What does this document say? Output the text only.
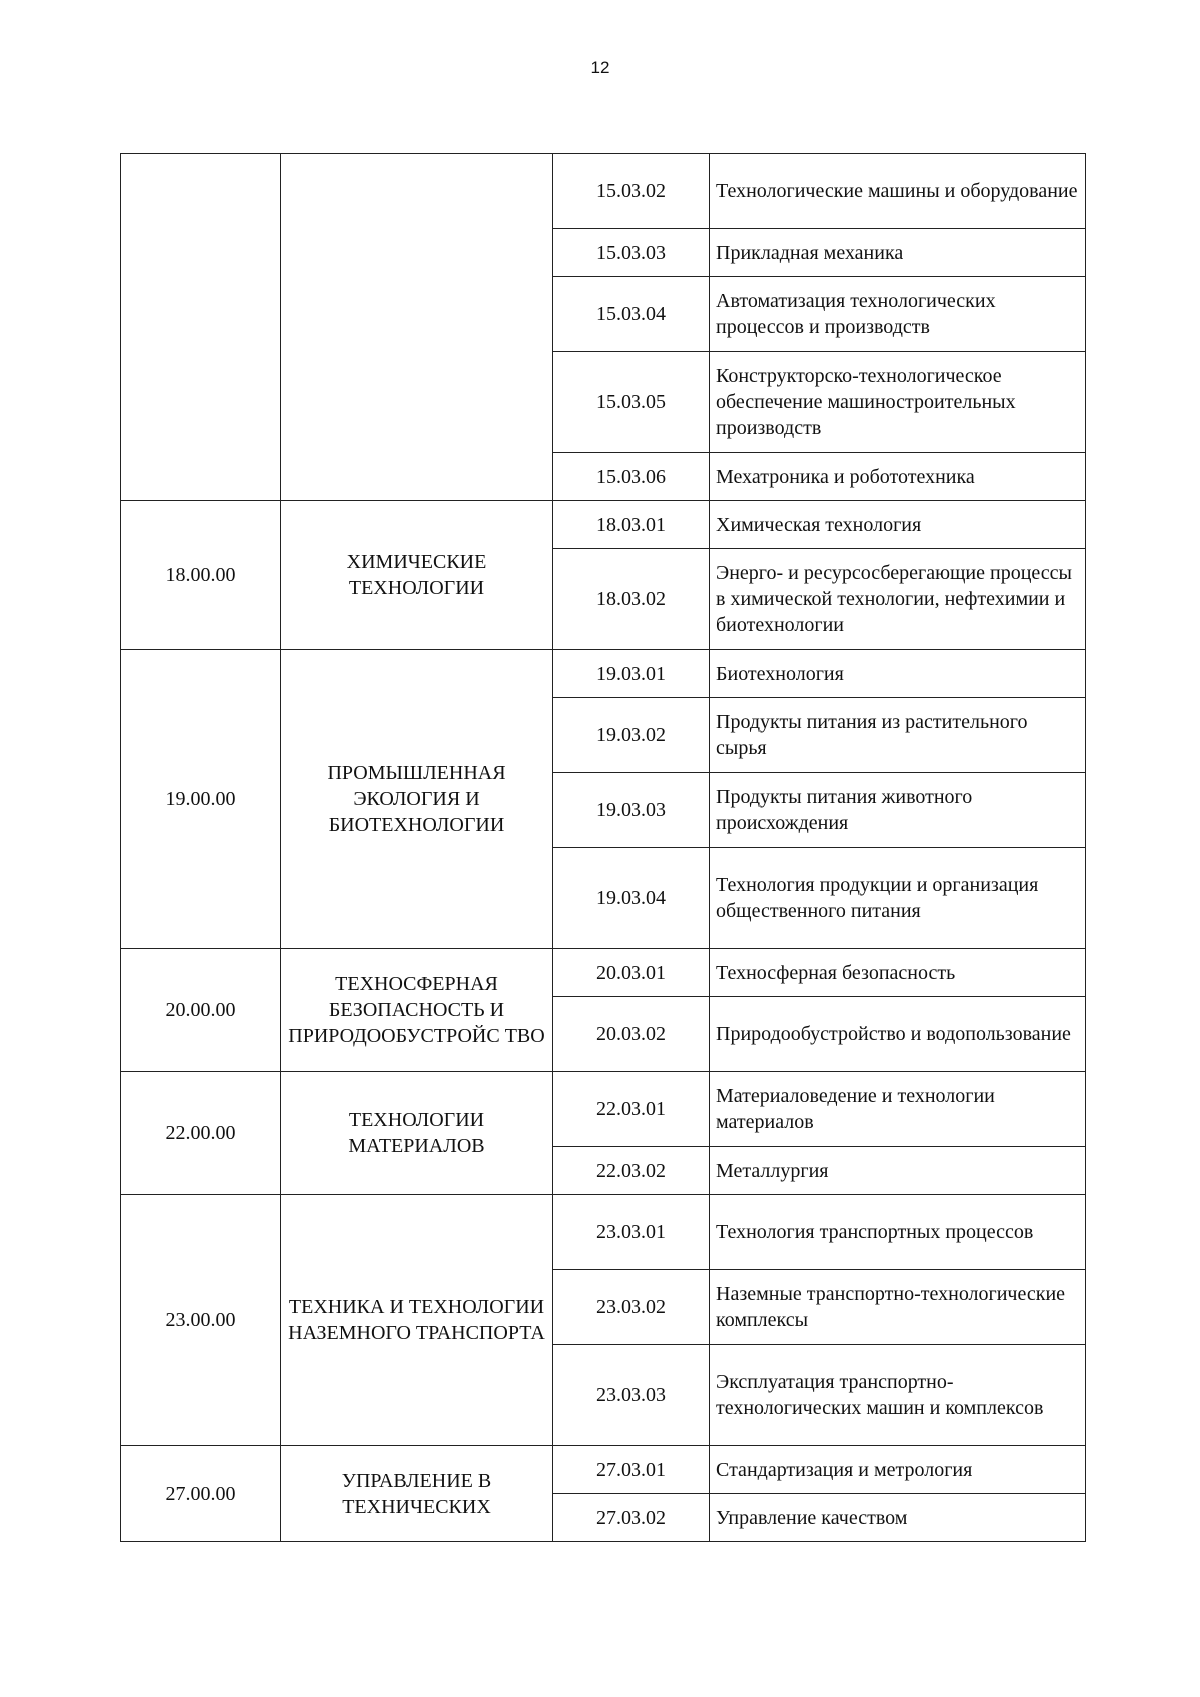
12
		15.03.02	Технологические машины и оборудование
		15.03.03	Прикладная механика
		15.03.04	Автоматизация технологических процессов и производств
		15.03.05	Конструкторско-технологическое обеспечение машиностроительных производств
		15.03.06	Мехатроника и робототехника
18.00.00	ХИМИЧЕСКИЕ ТЕХНОЛОГИИ	18.03.01	Химическая технология
		18.03.02	Энерго- и ресурсосберегающие процессы в химической технологии, нефтехимии и биотехнологии
19.00.00	ПРОМЫШЛЕННАЯ ЭКОЛОГИЯ И БИОТЕХНОЛОГИИ	19.03.01	Биотехнология
		19.03.02	Продукты питания из растительного сырья
		19.03.03	Продукты питания животного происхождения
		19.03.04	Технология продукции и организация общественного питания
20.00.00	ТЕХНОСФЕРНАЯ БЕЗОПАСНОСТЬ И ПРИРОДООБУСТРОЙС ТВО	20.03.01	Техносферная безопасность
		20.03.02	Природообустройство и водопользование
22.00.00	ТЕХНОЛОГИИ МАТЕРИАЛОВ	22.03.01	Материаловедение и технологии материалов
		22.03.02	Металлургия
23.00.00	ТЕХНИКА И ТЕХНОЛОГИИ НАЗЕМНОГО ТРАНСПОРТА	23.03.01	Технология транспортных процессов
		23.03.02	Наземные транспортно-технологические комплексы
		23.03.03	Эксплуатация транспортно-технологических машин и комплексов
27.00.00	УПРАВЛЕНИЕ В ТЕХНИЧЕСКИХ	27.03.01	Стандартизация и метрология
		27.03.02	Управление качеством
